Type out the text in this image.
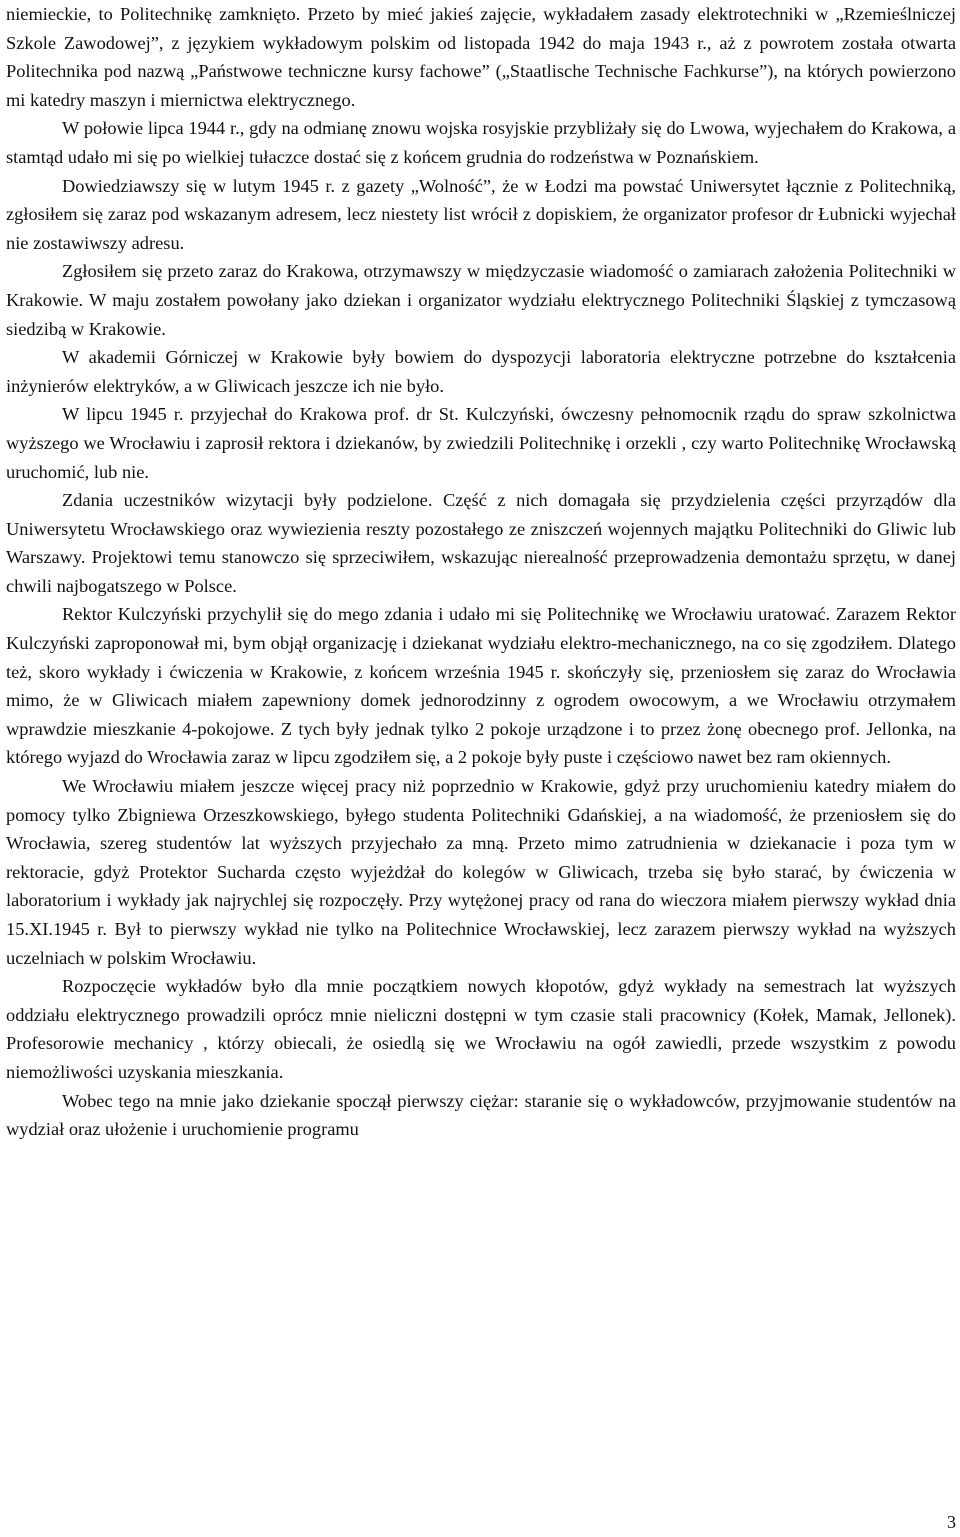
niemieckie, to Politechnikę zamknięto. Przeto by mieć jakieś zajęcie, wykładałem zasady elektrotechniki w „Rzemieślniczej Szkole Zawodowej”, z językiem wykładowym polskim od listopada 1942 do maja 1943 r., aż z powrotem została otwarta Politechnika pod nazwą „Państwowe techniczne kursy fachowe” („Staatlische Technische Fachkurse”), na których powierzono mi katedry maszyn i miernictwa elektrycznego.

W połowie lipca 1944 r., gdy na odmianę znowu wojska rosyjskie przybliżały się do Lwowa, wyjechałem do Krakowa, a stamtąd udało mi się po wielkiej tułaczce dostać się z końcem grudnia do rodzeństwa w Poznańskiem.

Dowiedziawszy się w lutym 1945 r. z gazety „Wolność”, że w Łodzi ma powstać Uniwersytet łącznie z Politechniką, zgłosiłem się zaraz pod wskazanym adresem, lecz niestety list wrócił z dopiskiem, że organizator profesor dr Łubnicki wyjechał nie zostawiwszy adresu.

Zgłosiłem się przeto zaraz do Krakowa, otrzymawszy w międzyczasie wiadomość o zamiarach założenia Politechniki w Krakowie. W maju zostałem powołany jako dziekan i organizator wydziału elektrycznego Politechniki Śląskiej z tymczasową siedzibą w Krakowie.

W akademii Górniczej w Krakowie były bowiem do dyspozycji laboratoria elektryczne potrzebne do kształcenia inżynierów elektryków, a w Gliwicach jeszcze ich nie było.

W lipcu 1945 r. przyjechał do Krakowa prof. dr St. Kulczyński, ówczesny pełnomocnik rządu do spraw szkolnictwa wyższego we Wrocławiu i zaprosił rektora i dziekanów, by zwiedzili Politechnikę i orzekli , czy warto Politechnikę Wrocławską uruchomić, lub nie.

Zdania uczestników wizytacji były podzielone. Część z nich domagała się przydzielenia części przyrządów dla Uniwersytetu Wrocławskiego oraz wywiezienia reszty pozostałego ze zniszczeń wojennych majątku Politechniki do Gliwic lub Warszawy. Projektowi temu stanowczo się sprzeciwiłem, wskazując nierealność przeprowadzenia demontażu sprzętu, w danej chwili najbogatszego w Polsce.

Rektor Kulczyński przychylił się do mego zdania i udało mi się Politechnikę we Wrocławiu uratować. Zarazem Rektor Kulczyński zaproponował mi, bym objął organizację i dziekanat wydziału elektro-mechanicznego, na co się zgodziłem. Dlatego też, skoro wykłady i ćwiczenia w Krakowie, z końcem września 1945 r. skończyły się, przeniosłem się zaraz do Wrocławia mimo, że w Gliwicach miałem zapewniony domek jednorodzinny z ogrodem owocowym, a we Wrocławiu otrzymałem wprawdzie mieszkanie 4-pokojowe. Z tych były jednak tylko 2 pokoje urządzone i to przez żonę obecnego prof. Jellonka, na którego wyjazd do Wrocławia zaraz w lipcu zgodziłem się, a 2 pokoje były puste i częściowo nawet bez ram okiennych.

We Wrocławiu miałem jeszcze więcej pracy niż poprzednio w Krakowie, gdyż przy uruchomieniu katedry miałem do pomocy tylko Zbigniewa Orzeszkowskiego, byłego studenta Politechniki Gdańskiej, a na wiadomość, że przeniosłem się do Wrocławia, szereg studentów lat wyższych przyjechało za mną. Przeto mimo zatrudnienia w dziekanacie i poza tym w rektoracie, gdyż Protektor Sucharda często wyjeżdżał do kolegów w Gliwicach, trzeba się było starać, by ćwiczenia w laboratorium i wykłady jak najrychlej się rozpoczęły. Przy wytężonej pracy od rana do wieczora miałem pierwszy wykład dnia 15.XI.1945 r. Był to pierwszy wykład nie tylko na Politechnice Wrocławskiej, lecz zarazem pierwszy wykład na wyższych uczelniach w polskim Wrocławiu.

Rozpoczęcie wykładów było dla mnie początkiem nowych kłopotów, gdyż wykłady na semestrach lat wyższych oddziału elektrycznego prowadzili oprócz mnie nieliczni dostępni w tym czasie stali pracownicy (Kołek, Mamak, Jellonek). Profesorowie mechanicy , którzy obiecali, że osiedlą się we Wrocławiu na ogół zawiedli, przede wszystkim z powodu niemożliwości uzyskania mieszkania.

Wobec tego na mnie jako dziekanie spoczął pierwszy ciężar: staranie się o wykładowców, przyjmowanie studentów na wydział oraz ułożenie i uruchomienie programu

3
